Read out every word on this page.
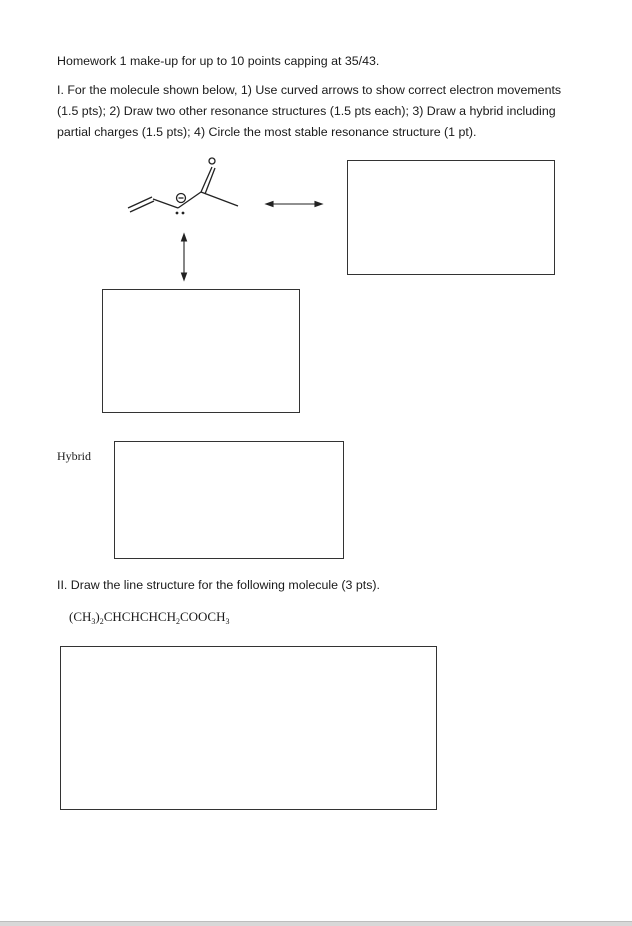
Homework 1 make-up for up to 10 points capping at 35/43.
I. For the molecule shown below, 1) Use curved arrows to show correct electron movements
(1.5 pts); 2) Draw two other resonance structures (1.5 pts each); 3) Draw a hybrid including
partial charges (1.5 pts); 4) Circle the most stable resonance structure (1 pt).
Hybrid
II. Draw the line structure for the following molecule (3 pts).
$(CH_3)_2CHCHCHCH_2COOCH_3$
